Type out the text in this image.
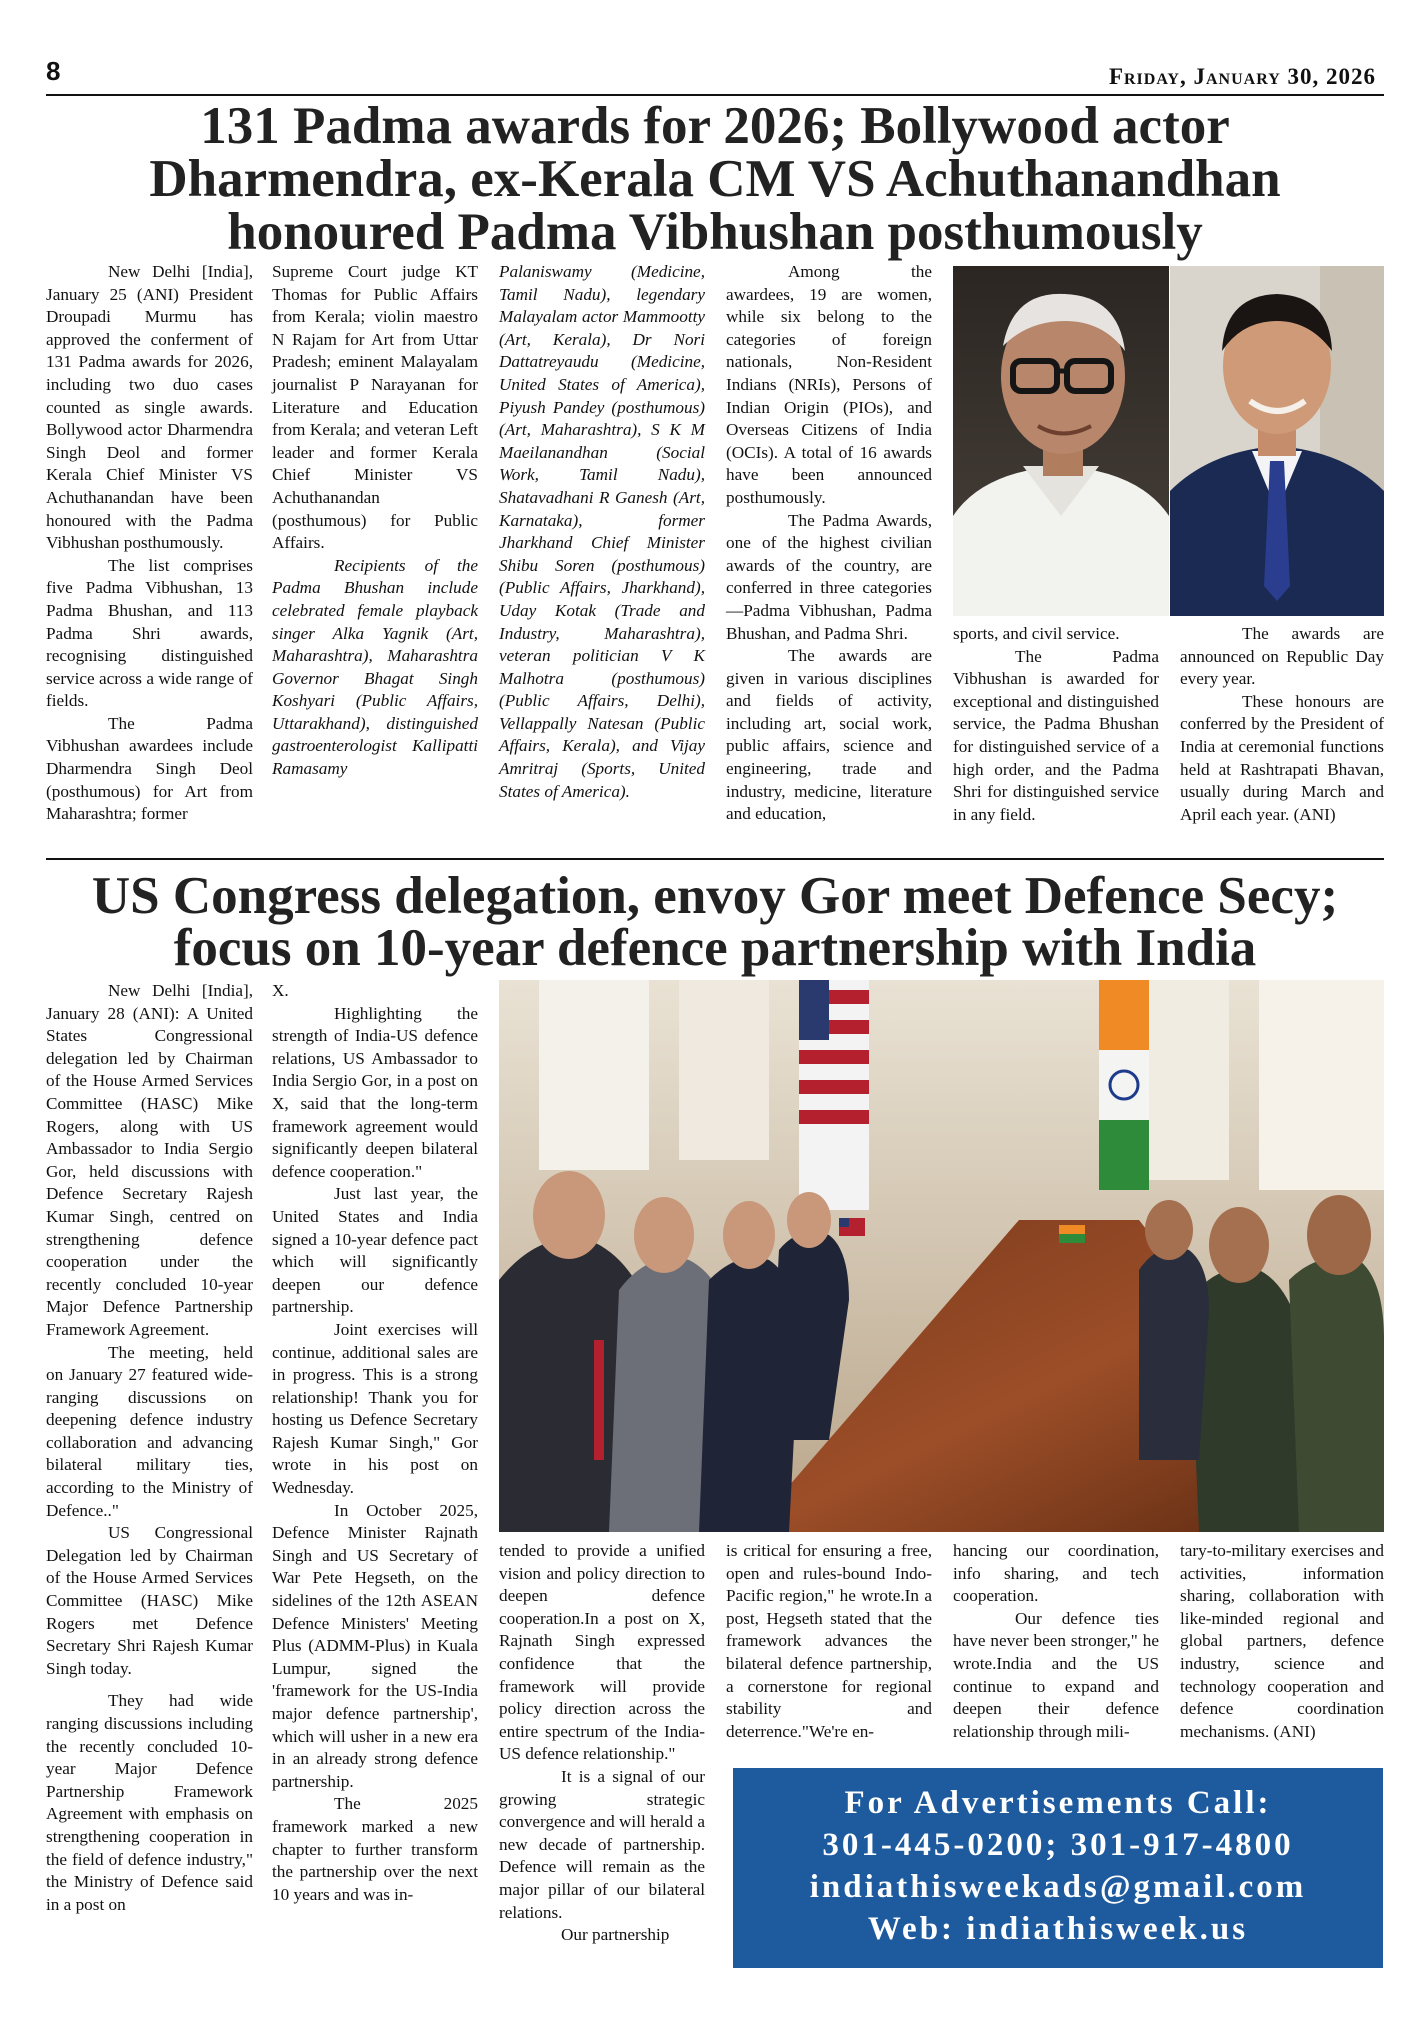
8	Friday, January 30, 2026
131 Padma awards for 2026; Bollywood actor
Dharmendra, ex-Kerala CM VS Achuthanandhan
honoured Padma Vibhushan posthumously

New Delhi [India], January 25 (ANI) President Droupadi Murmu has approved the conferment of 131 Padma awards for 2026, including two duo cases counted as single awards. Bollywood actor Dharmendra Singh Deol and former Kerala Chief Minister VS Achuthanandan have been honoured with the Padma Vibhushan posthumously.

The list comprises five Padma Vibhushan, 13 Padma Bhushan, and 113 Padma Shri awards, recognising distinguished service across a wide range of fields.

The Padma Vibhushan awardees include Dharmendra Singh Deol (posthumous) for Art from Maharashtra; former

Supreme Court judge KT Thomas for Public Affairs from Kerala; violin maestro N Rajam for Art from Uttar Pradesh; eminent Malayalam journalist P Narayanan for Literature and Education from Kerala; and veteran Left leader and former Kerala Chief Minister VS Achuthanandan (posthumous) for Public Affairs.

Recipients of the Padma Bhushan include celebrated female playback singer Alka Yagnik (Art, Maharashtra), Maharashtra Governor Bhagat Singh Koshyari (Public Affairs, Uttarakhand), distinguished gastroenterologist Kallipatti Ramasamy

Palaniswamy (Medicine, Tamil Nadu), legendary Malayalam actor Mammootty (Art, Kerala), Dr Nori Dattatreyaudu (Medicine, United States of America), Piyush Pandey (posthumous) (Art, Maharashtra), S K M Maeilanandhan (Social Work, Tamil Nadu), Shatavadhani R Ganesh (Art, Karnataka), former Jharkhand Chief Minister Shibu Soren (posthumous) (Public Affairs, Jharkhand), Uday Kotak (Trade and Industry, Maharashtra), veteran politician V K Malhotra (posthumous) (Public Affairs, Delhi), Vellappally Natesan (Public Affairs, Kerala), and Vijay Amritraj (Sports, United States of America).

Among the awardees, 19 are women, while six belong to the categories of foreign nationals, Non-Resident Indians (NRIs), Persons of Indian Origin (PIOs), and Overseas Citizens of India (OCIs). A total of 16 awards have been announced posthumously.

The Padma Awards, one of the highest civilian awards of the country, are conferred in three categories—Padma Vibhushan, Padma Bhushan, and Padma Shri.

The awards are given in various disciplines and fields of activity, including art, social work, public affairs, science and engineering, trade and industry, medicine, literature and education,

sports, and civil service.

The Padma Vibhushan is awarded for exceptional and distinguished service, the Padma Bhushan for distinguished service of a high order, and the Padma Shri for distinguished service in any field.

The awards are announced on Republic Day every year.

These honours are conferred by the President of India at ceremonial functions held at Rashtrapati Bhavan, usually during March and April each year. (ANI)

US Congress delegation, envoy Gor meet Defence Secy;
focus on 10-year defence partnership with India

New Delhi [India], January 28 (ANI): A United States Congressional delegation led by Chairman of the House Armed Services Committee (HASC) Mike Rogers, along with US Ambassador to India Sergio Gor, held discussions with Defence Secretary Rajesh Kumar Singh, centred on strengthening defence cooperation under the recently concluded 10-year Major Defence Partnership Framework Agreement.

The meeting, held on January 27 featured wide-ranging discussions on deepening defence industry collaboration and advancing bilateral military ties, according to the Ministry of Defence.."

US Congressional Delegation led by Chairman of the House Armed Services Committee (HASC) Mike Rogers met Defence Secretary Shri Rajesh Kumar Singh today.

They had wide ranging discussions including the recently concluded 10-year Major Defence Partnership Framework Agreement with emphasis on strengthening cooperation in the field of defence industry," the Ministry of Defence said in a post on

X.

Highlighting the strength of India-US defence relations, US Ambassador to India Sergio Gor, in a post on X, said that the long-term framework agreement would significantly deepen bilateral defence cooperation."

Just last year, the United States and India signed a 10-year defence pact which will significantly deepen our defence partnership.

Joint exercises will continue, additional sales are in progress. This is a strong relationship! Thank you for hosting us Defence Secretary Rajesh Kumar Singh," Gor wrote in his post on Wednesday.

In October 2025, Defence Minister Rajnath Singh and US Secretary of War Pete Hegseth, on the sidelines of the 12th ASEAN Defence Ministers' Meeting Plus (ADMM-Plus) in Kuala Lumpur, signed the 'framework for the US-India major defence partnership', which will usher in a new era in an already strong defence partnership.

The 2025 framework marked a new chapter to further transform the partnership over the next 10 years and was in-

tended to provide a unified vision and policy direction to deepen defence cooperation.In a post on X, Rajnath Singh expressed confidence that the framework will provide policy direction across the entire spectrum of the India-US defence relationship."

It is a signal of our growing strategic convergence and will herald a new decade of partnership. Defence will remain as the major pillar of our bilateral relations.

Our partnership

is critical for ensuring a free, open and rules-bound Indo-Pacific region," he wrote.In a post, Hegseth stated that the framework advances the bilateral defence partnership, a cornerstone for regional stability and deterrence."We're en-

hancing our coordination, info sharing, and tech cooperation.

Our defence ties have never been stronger," he wrote.India and the US continue to expand and deepen their defence relationship through mili-

tary-to-military exercises and activities, information sharing, collaboration with like-minded regional and global partners, defence industry, science and technology cooperation and defence coordination mechanisms. (ANI)

For Advertisements Call:
301-445-0200; 301-917-4800
indiathisweekads@gmail.com
Web: indiathisweek.us
